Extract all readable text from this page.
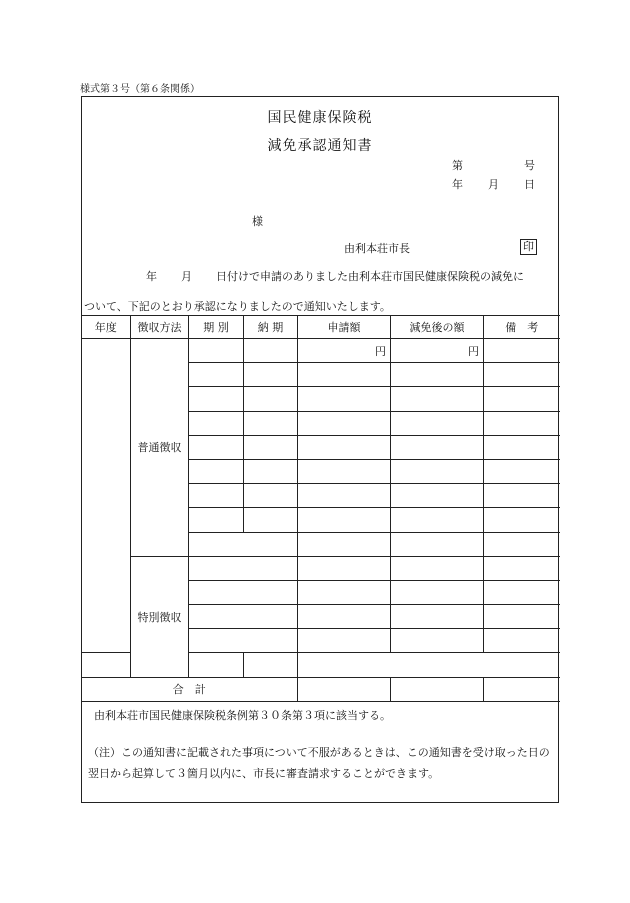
様式第３号（第６条関係）
国民健康保険税
減免承認通知書
第	号
年 月 日
様
由利本荘市長	印
年 月 日付けで申請のありました由利本荘市国民健康保険税の減免に
ついて、下記のとおり承認になりましたので通知いたします。
年度	徴収方法	期 別	納 期	申請額	減免後の額	備　考
	普通徴収			円	円	

	特別徴収					

合　計						
由利本荘市国民健康保険税条例第３０条第３項に該当する。
（注）この通知書に記載された事項について不服があるときは、この通知書を受け取った日の翌日から起算して３箇月以内に、市長に審査請求することができます。
